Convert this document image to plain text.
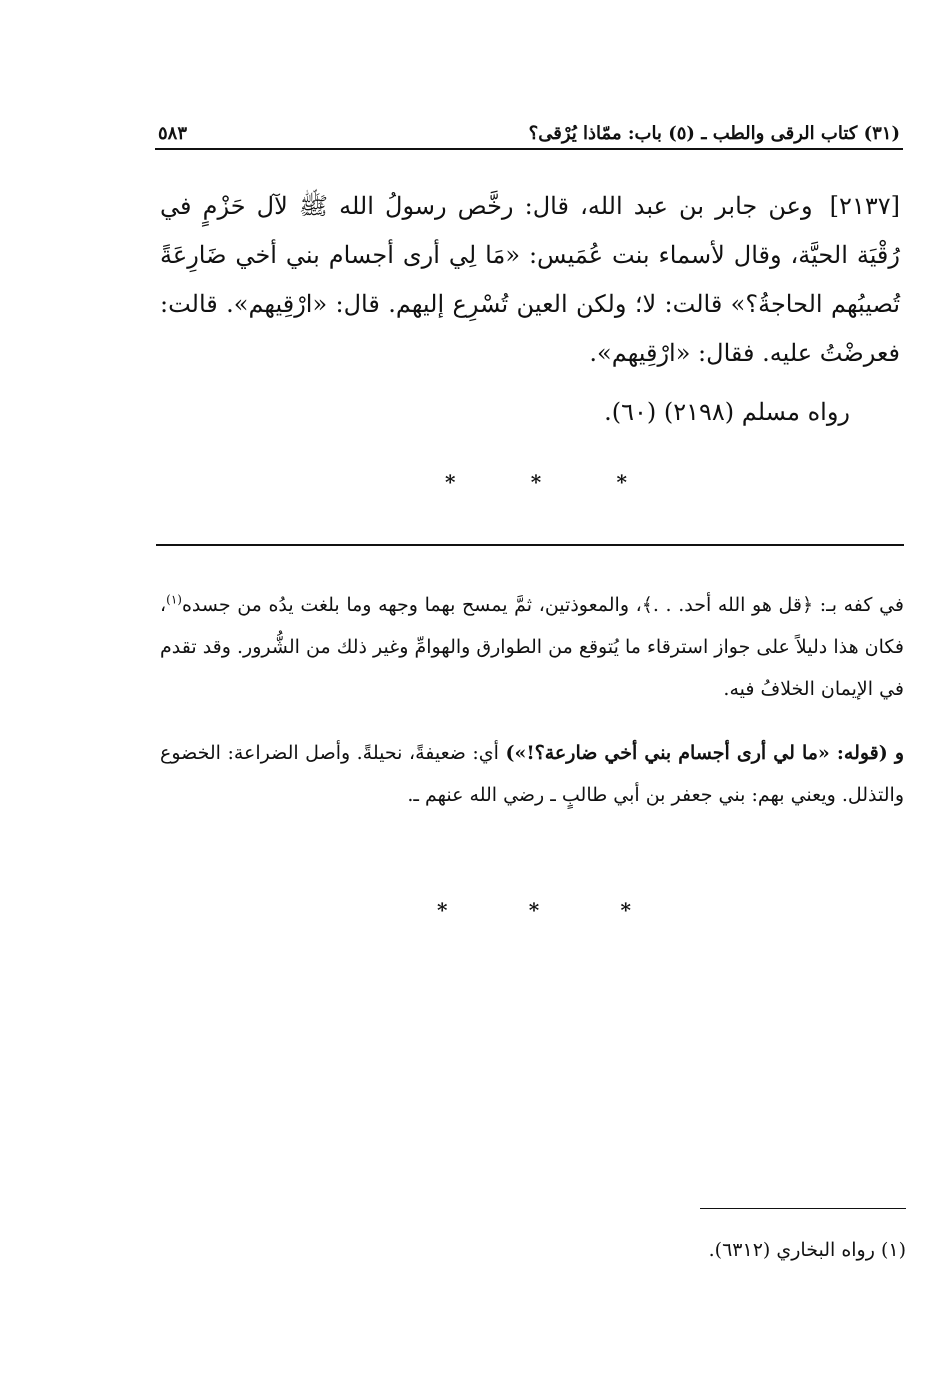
(٣١) كتاب الرقى والطب ـ (٥) باب: ممّاذا يُرْقى؟
٥٨٣

[٢١٣٧] وعن جابر بن عبد الله، قال: رخَّص رسولُ الله ﷺ لآل حَزْمٍ في رُقْيَة الحيَّة، وقال لأسماء بنت عُمَيس: «مَا لِي أرى أجسام بني أخي ضَارِعَةً تُصيبُهم الحاجةُ؟» قالت: لا؛ ولكن العين تُسْرِع إليهم. قال: «ارْقِيهم». قالت: فعرضْتُ عليه. فقال: «ارْقِيهم».

رواه مسلم (٢١٩٨) (٦٠).
*
*
*

في كفه بـ: ﴿قل هو الله أحد. . .﴾، والمعوذتين، ثمَّ يمسح بهما وجهه وما بلغت يدُه من جسده$^{(١)}$، فكان هذا دليلاً على جواز استرقاء ما يُتوقع من الطوارق والهوامِّ وغير ذلك من الشُّرور. وقد تقدم في الإيمان الخلافُ فيه.

و (قوله: «ما لي أرى أجسام بني أخي ضارعة؟!») أي: ضعيفةً، نحيلةً. وأصل الضراعة: الخضوع والتذلل. ويعني بهم: بني جعفر بن أبي طالبٍ ـ رضي الله عنهم ـ.

*
*
*
(١) رواه البخاري (٦٣١٢).
